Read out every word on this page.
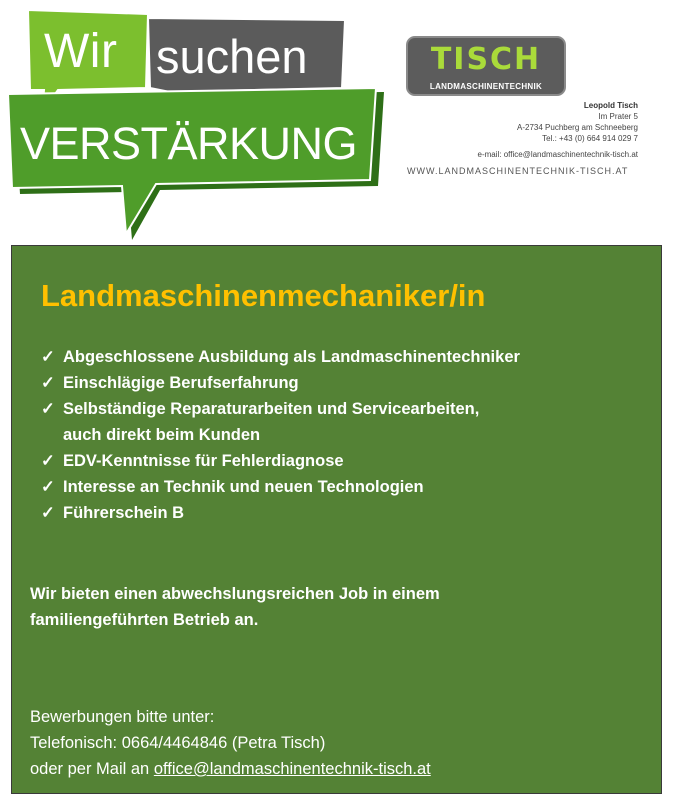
Wir suchen
VERSTÄRKUNG
TISCH
LANDMASCHINENTECHNIK
Leopold Tisch
Im Prater 5
A-2734 Puchberg am Schneeberg
Tel.: +43 (0) 664 914 029 7
e-mail: office@landmaschinentechnik-tisch.at
WWW.LANDMASCHINENTECHNIK-TISCH.AT
Landmaschinenmechaniker/in
✓ Abgeschlossene Ausbildung als Landmaschinentechniker
✓ Einschlägige Berufserfahrung
✓ Selbständige Reparaturarbeiten und Servicearbeiten,
auch direkt beim Kunden
✓ EDV-Kenntnisse für Fehlerdiagnose
✓ Interesse an Technik und neuen Technologien
✓ Führerschein B

Wir bieten einen abwechslungsreichen Job in einem
familiengeführten Betrieb an.

Bewerbungen bitte unter:
Telefonisch: 0664/4464846 (Petra Tisch)
oder per Mail an office@landmaschinentechnik-tisch.at
